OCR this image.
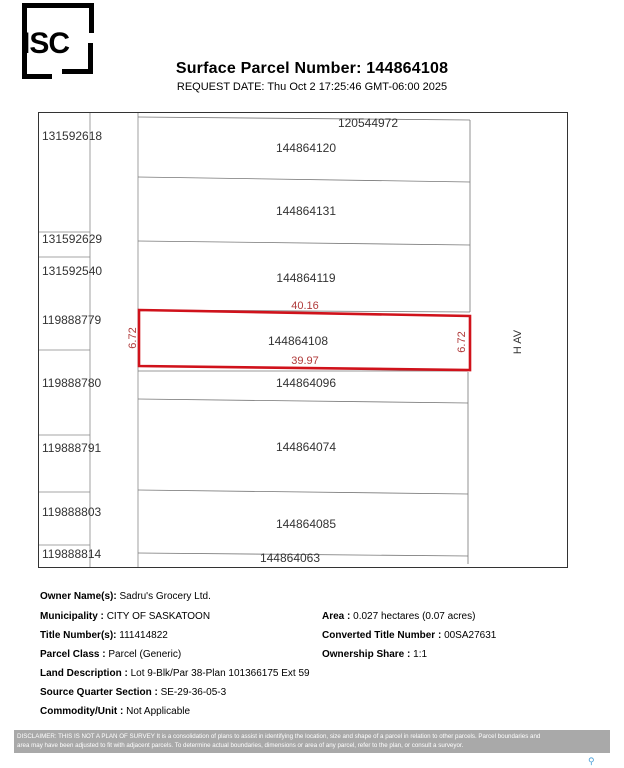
ISC
Surface Parcel Number: 144864108
REQUEST DATE: Thu Oct 2 17:25:46 GMT-06:00 2025
131592618
131592629
131592540
119888779
119888780
119888791
119888803
119888814
120544972
144864120
144864131
144864119
144864108
144864096
144864074
144864085
144864063
40.16
39.97
6.72	6.72	H AV
Owner Name(s): Sadru's Grocery Ltd.
Municipality : CITY OF SASKATOON	Area : 0.027 hectares (0.07 acres)
Title Number(s): 111414822	Converted Title Number : 00SA27631
Parcel Class : Parcel (Generic)	Ownership Share : 1:1
Land Description : Lot 9-Blk/Par 38-Plan 101366175 Ext 59
Source Quarter Section : SE-29-36-05-3
Commodity/Unit : Not Applicable
DISCLAIMER: THIS IS NOT A PLAN OF SURVEY It is a consolidation of plans to assist in identifying the location, size and shape of a parcel in relation to other parcels. Parcel boundaries and
area may have been adjusted to fit with adjacent parcels. To determine actual boundaries, dimensions or area of any parcel, refer to the plan, or consult a surveyor.
⚲
